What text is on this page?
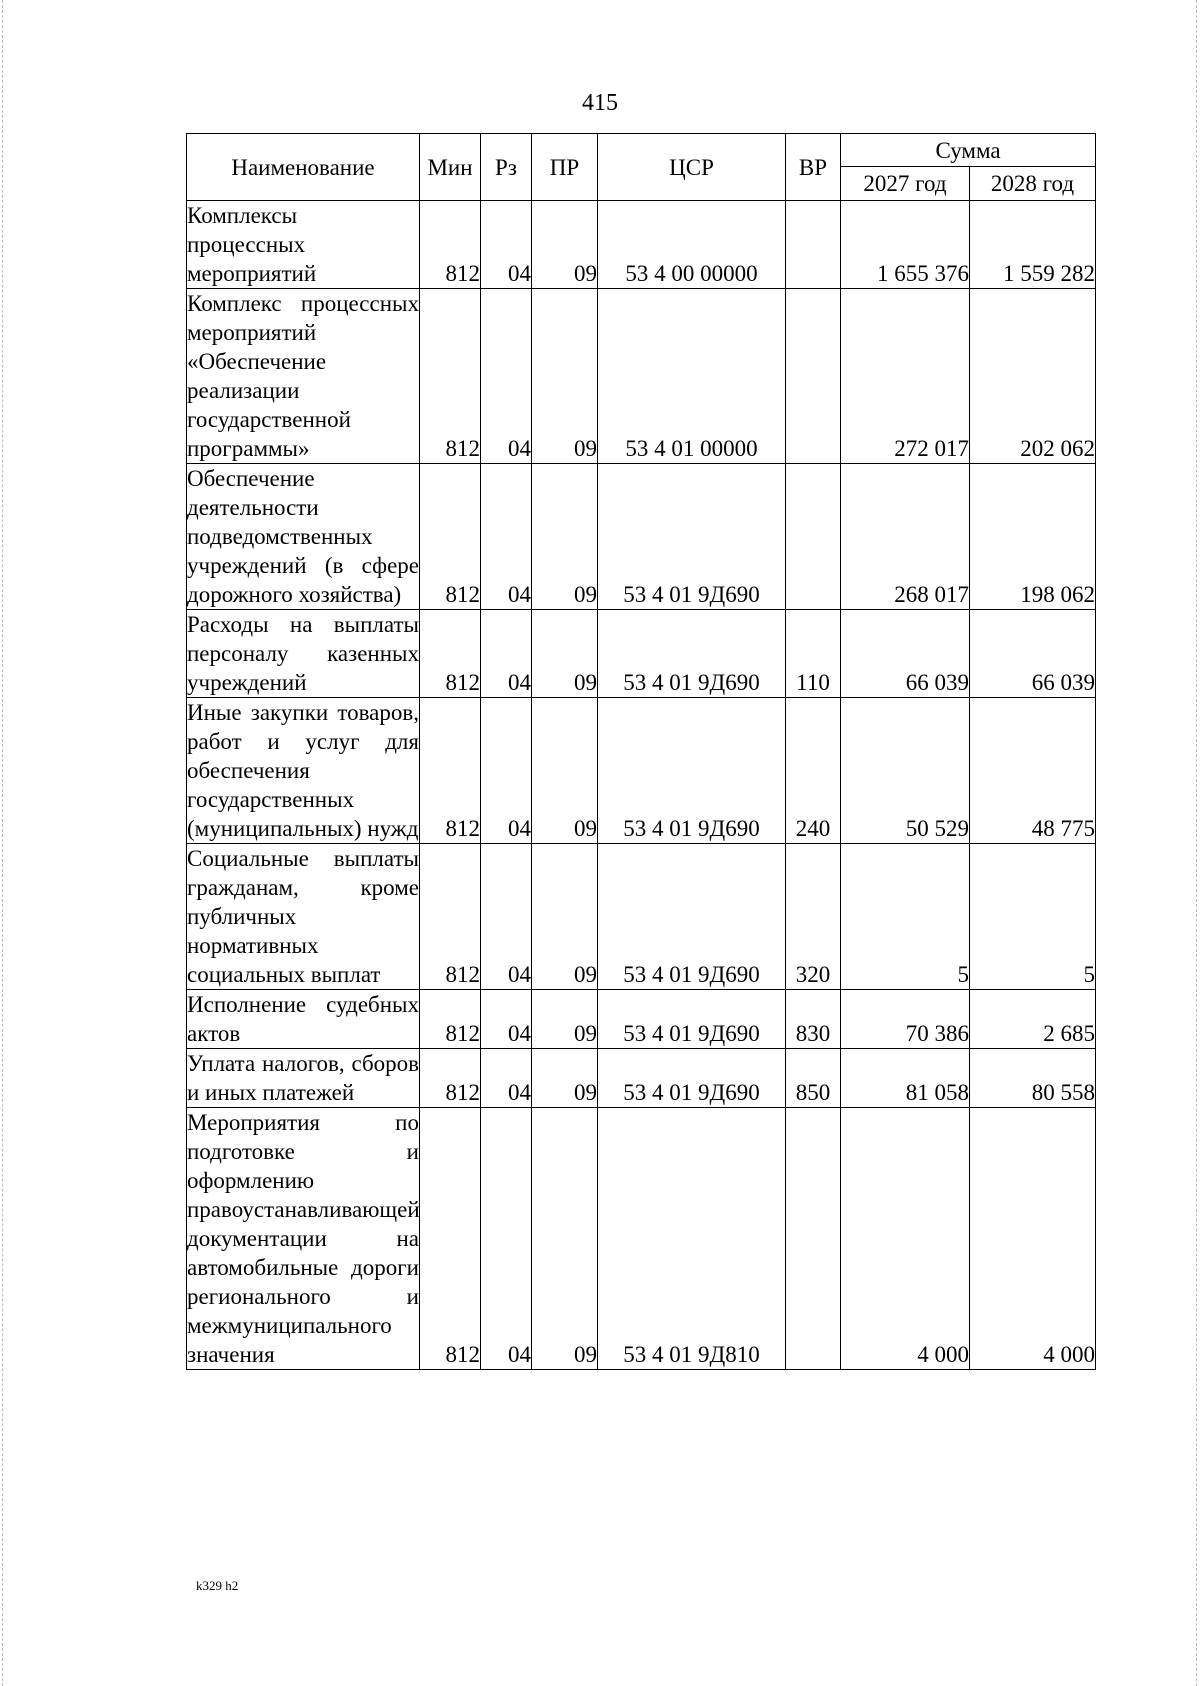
415
Наименование	Мин	Рз	ПР	ЦСР	ВР	Сумма	
						2027 год	2028 год
Комплексы процессных мероприятий	812	04	09	53 4 00 00000		1 655 376	1 559 282
Комплекс процессных мероприятий «Обеспечение реализации государственной программы»	812	04	09	53 4 01 00000		272 017	202 062
Обеспечение деятельности подведомственных учреждений (в сфере дорожного хозяйства)	812	04	09	53 4 01 9Д690		268 017	198 062
Расходы на выплаты персоналу казенных учреждений	812	04	09	53 4 01 9Д690	110	66 039	66 039
Иные закупки товаров, работ и услуг для обеспечения государственных (муниципальных) нужд	812	04	09	53 4 01 9Д690	240	50 529	48 775
Социальные выплаты гражданам, кроме публичных нормативных социальных выплат	812	04	09	53 4 01 9Д690	320	5	5
Исполнение судебных актов	812	04	09	53 4 01 9Д690	830	70 386	2 685
Уплата налогов, сборов и иных платежей	812	04	09	53 4 01 9Д690	850	81 058	80 558
Мероприятия по подготовке и оформлению правоустанавливающей документации на автомобильные дороги регионального и межмуниципального значения	812	04	09	53 4 01 9Д810		4 000	4 000
k329 h2
